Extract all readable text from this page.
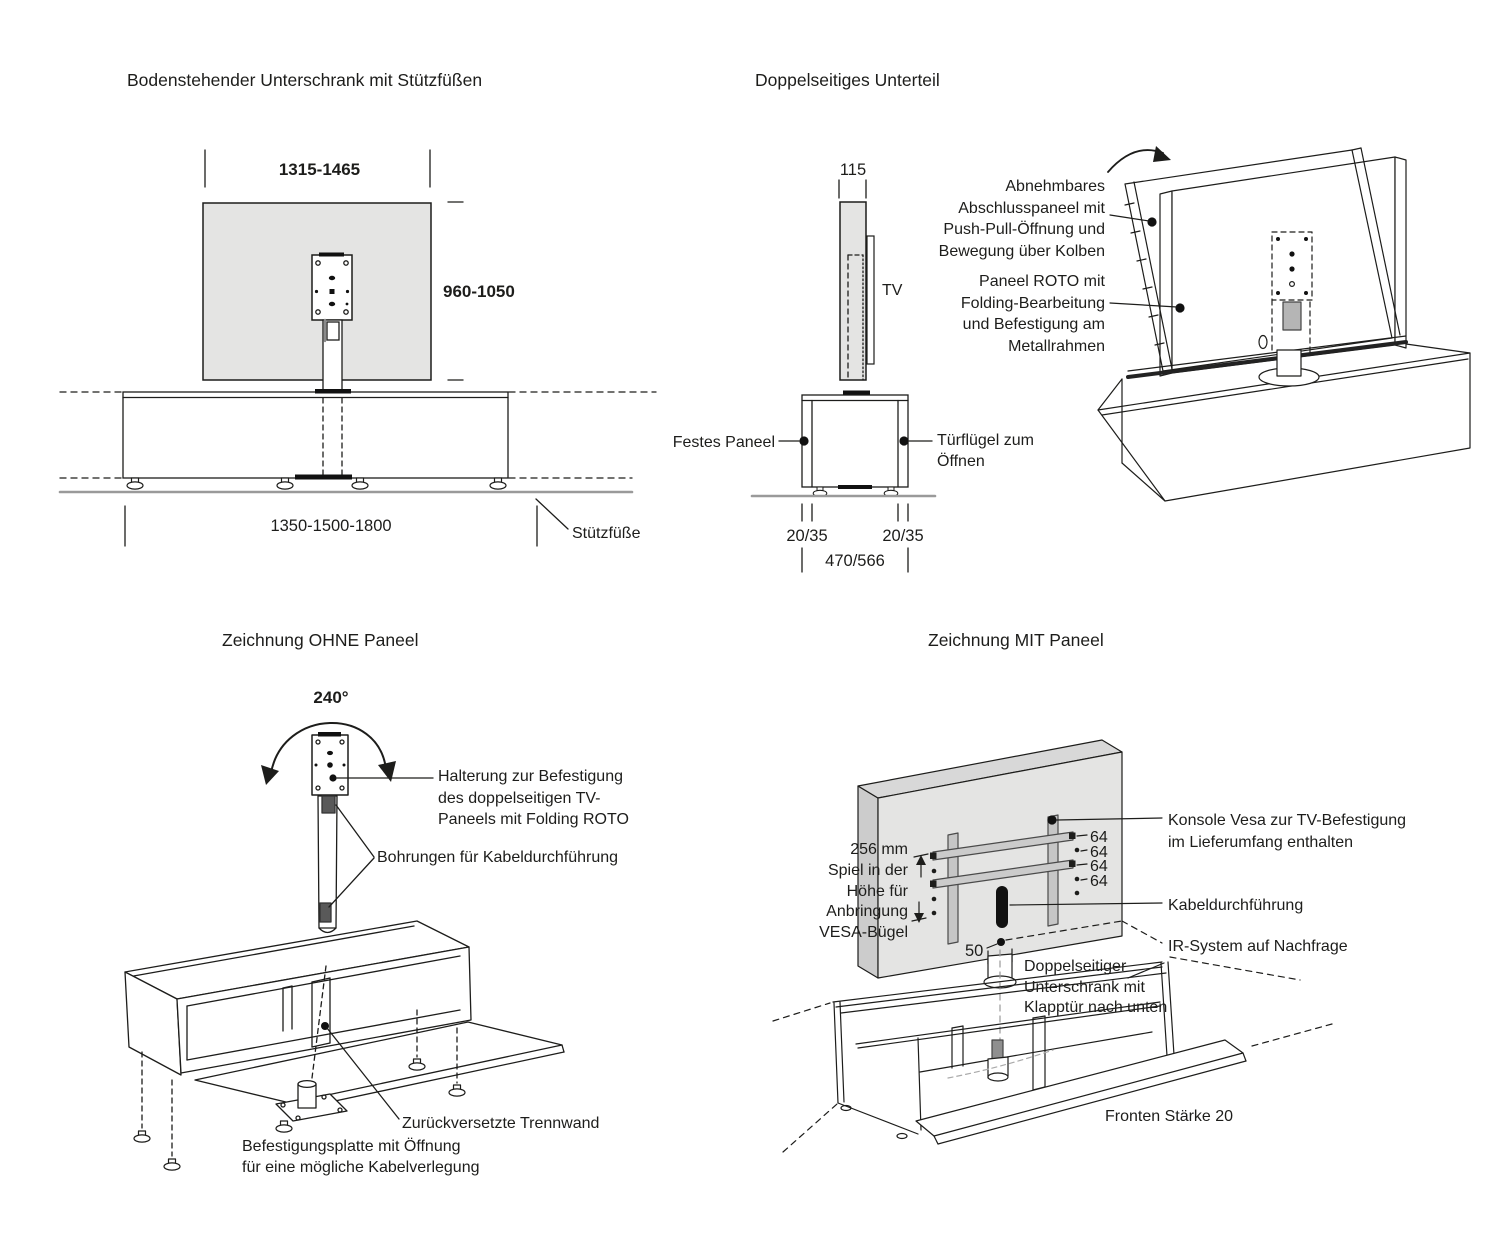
Bodenstehender Unterschrank mit Stützfüßen
1315-1465
960-1050
1350-1500-1800	Stützfüße
Doppelseitiges Unterteil
115
TV
Abnehmbares
Abschlusspaneel mit
Push-Pull-Öffnung und
Bewegung über Kolben
Paneel ROTO mit
Folding-Bearbeitung
und Befestigung am
Metallrahmen
Festes Paneel	Türflügel zum
Öffnen
20/35	20/35
470/566
Zeichnung OHNE Paneel
240°
Halterung zur Befestigung
des doppelseitigen TV-
Paneels mit Folding ROTO
Bohrungen für Kabeldurchführung
Zurückversetzte Trennwand
Befestigungsplatte mit Öffnung
für eine mögliche Kabelverlegung
Zeichnung MIT Paneel
256 mm
Spiel in der
Höhe für
Anbringung
VESA-Bügel
64
64
64
64
Konsole Vesa zur TV-Befestigung
im Lieferumfang enthalten
Kabeldurchführung
IR-System auf Nachfrage
50
Doppelseitiger
Unterschrank mit
Klapptür nach unten
Fronten Stärke 20
